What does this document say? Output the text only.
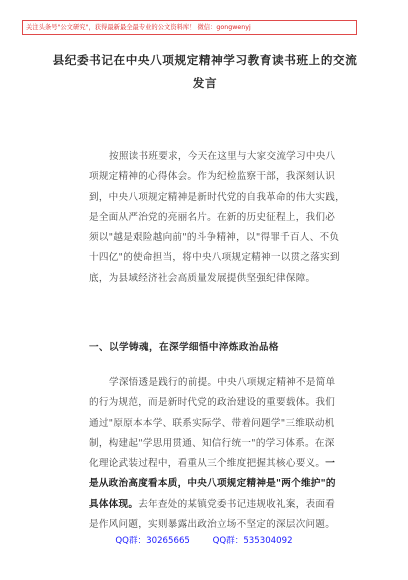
关注头条号"公文研究"，获得最新最全最专业的公文资料库！ 微信：gongwenyj
县纪委书记在中央八项规定精神学习教育读书班上的交流
发言
按照读书班要求，今天在这里与大家交流学习中央八
项规定精神的心得体会。作为纪检监察干部，我深刻认识
到，中央八项规定精神是新时代党的自我革命的伟大实践，
是全面从严治党的亮丽名片。在新的历史征程上，我们必
须以"越是艰险越向前"的斗争精神，以"得罪千百人、不负
十四亿"的使命担当，将中央八项规定精神一以贯之落实到
底，为县域经济社会高质量发展提供坚强纪律保障。
一、以学铸魂，在深学细悟中淬炼政治品格
学深悟透是践行的前提。中央八项规定精神不是简单
的行为规范，而是新时代党的政治建设的重要载体。我们
通过"原原本本学、联系实际学、带着问题学"三维联动机
制，构建起"学思用贯通、知信行统一"的学习体系。在深
化理论武装过程中，看重从三个维度把握其核心要义。一
是从政治高度看本质，中央八项规定精神是"两个维护"的
具体体现。去年查处的某镇党委书记违规收礼案，表面看
是作风问题，实则暴露出政治立场不坚定的深层次问题。
QQ群：30265665	QQ群：535304092
